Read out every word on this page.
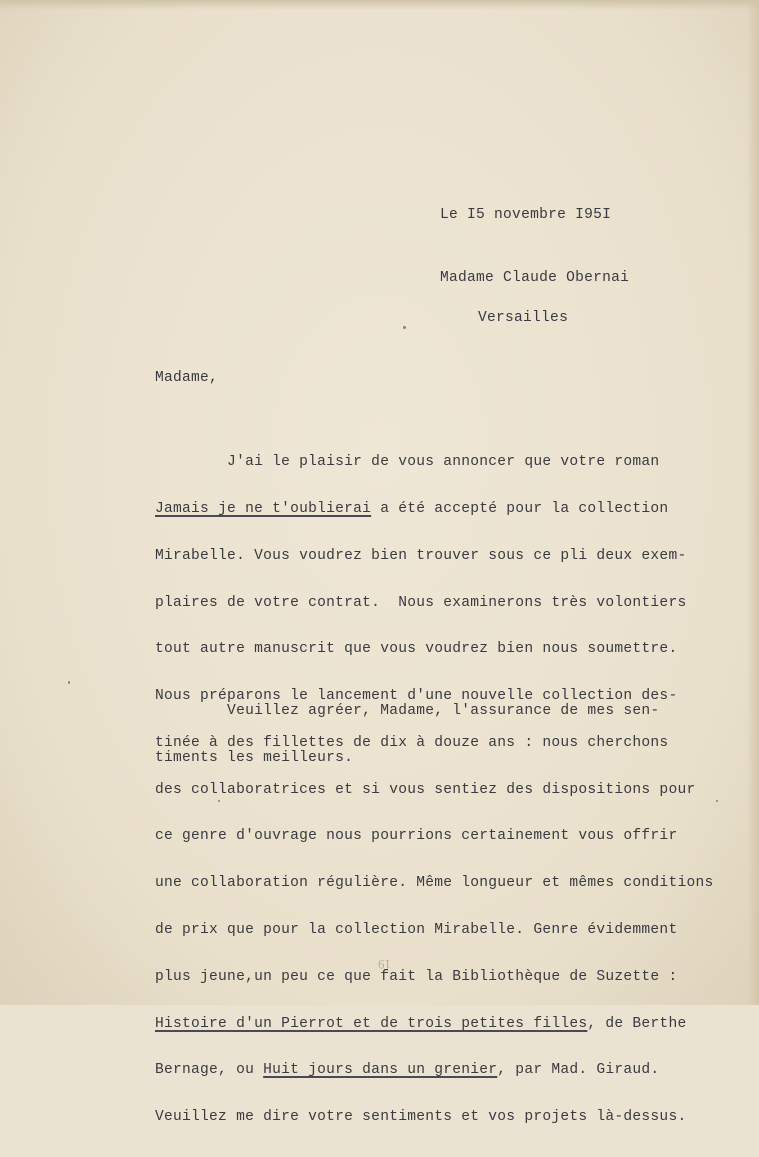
Le I5 novembre I95I

Madame Claude Obernai

Versailles

Madame,

J'ai le plaisir de vous annoncer que votre roman

Jamais je ne t'oublierai a été accepté pour la collection

Mirabelle. Vous voudrez bien trouver sous ce pli deux exem-

plaires de votre contrat.  Nous examinerons très volontiers

tout autre manuscrit que vous voudrez bien nous soumettre.

Nous préparons le lancement d'une nouvelle collection des-

tinée à des fillettes de dix à douze ans : nous cherchons

des collaboratrices et si vous sentiez des dispositions pour

ce genre d'ouvrage nous pourrions certainement vous offrir

une collaboration régulière. Même longueur et mêmes conditions

de prix que pour la collection Mirabelle. Genre évidemment

plus jeune,un peu ce que fait la Bibliothèque de Suzette :

Histoire d'un Pierrot et de trois petites filles, de Berthe

Bernage, ou Huit jours dans un grenier, par Mad. Giraud.

Veuillez me dire votre sentiments et vos projets là-dessus.

Veuillez agréer, Madame, l'assurance de mes sen-

timents les meilleurs.

19
